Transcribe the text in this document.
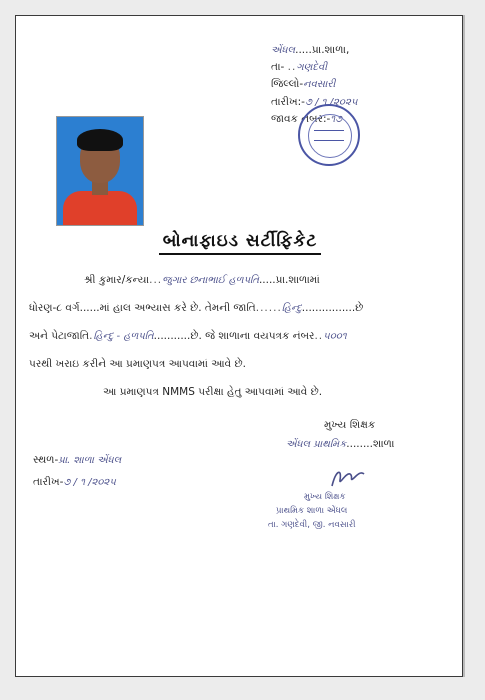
એંધલ.....પ્રા.શાળા,
તા- ..ગણદેવી
જિલ્લો-નવસારી
તારીખ:-૭ / ૧ /૨૦૨૫
જાવક નંબર:-૧૭
બોનાફાઇડ સર્ટીફિકેટ
શ્રી કુમાર/કન્યા...જુગાર છનાભાઈ હળપતિ.....પ્રા.શાળામાં
ધોરણ-૮ વર્ગ......માં હાલ અભ્યાસ કરે છે. તેમની જાતિ......હિન્દુ................છે
અને પેટાજાતિ.હિન્દુ - હળપતિ...........છે. જે શાળાના વયપત્રક નંબર..૫૦૦૧
પરથી ખરાઇ કરીને આ પ્રમાણપત્ર આપવામાં આવે છે.
આ પ્રમાણપત્ર NMMS પરીક્ષા હેતુ આપવામાં આવે છે.
મુખ્ય શિક્ષક
એંધલ પ્રાથમિક........શાળા
મુખ્ય શિક્ષક
પ્રાથમિક શાળા એંધલ
તા. ગણદેવી, જી. નવસારી
સ્થળ-પ્રા. શાળા એંધલ
તારીખ-૭ / ૧ /૨૦૨૫
